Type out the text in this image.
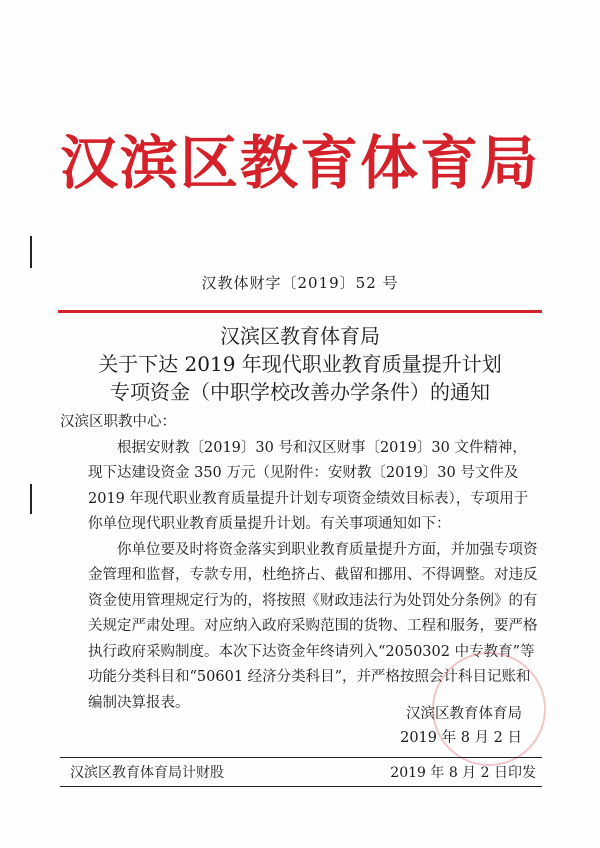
汉滨区教育体育局
汉教体财字〔2019〕52 号
汉滨区教育体育局
关于下达 2019 年现代职业教育质量提升计划
专项资金（中职学校改善办学条件）的通知

汉滨区职教中心：

根据安财教〔2019〕30 号和汉区财事〔2019〕30 文件精神，现下达建设资金 350 万元（见附件：安财教〔2019〕30 号文件及 2019 年现代职业教育质量提升计划专项资金绩效目标表），专项用于你单位现代职业教育质量提升计划。有关事项通知如下：

你单位要及时将资金落实到职业教育质量提升方面，并加强专项资金管理和监督，专款专用，杜绝挤占、截留和挪用、不得调整。对违反资金使用管理规定行为的，将按照《财政违法行为处罚处分条例》的有关规定严肃处理。对应纳入政府采购范围的货物、工程和服务，要严格执行政府采购制度。本次下达资金年终请列入“2050302 中专教育”等功能分类科目和“50601 经济分类科目”，并严格按照会计科目记账和编制决算报表。

汉滨区教育体育局
2019 年 8 月 2 日
汉滨区教育体育局计财股	2019 年 8 月 2 日印发
